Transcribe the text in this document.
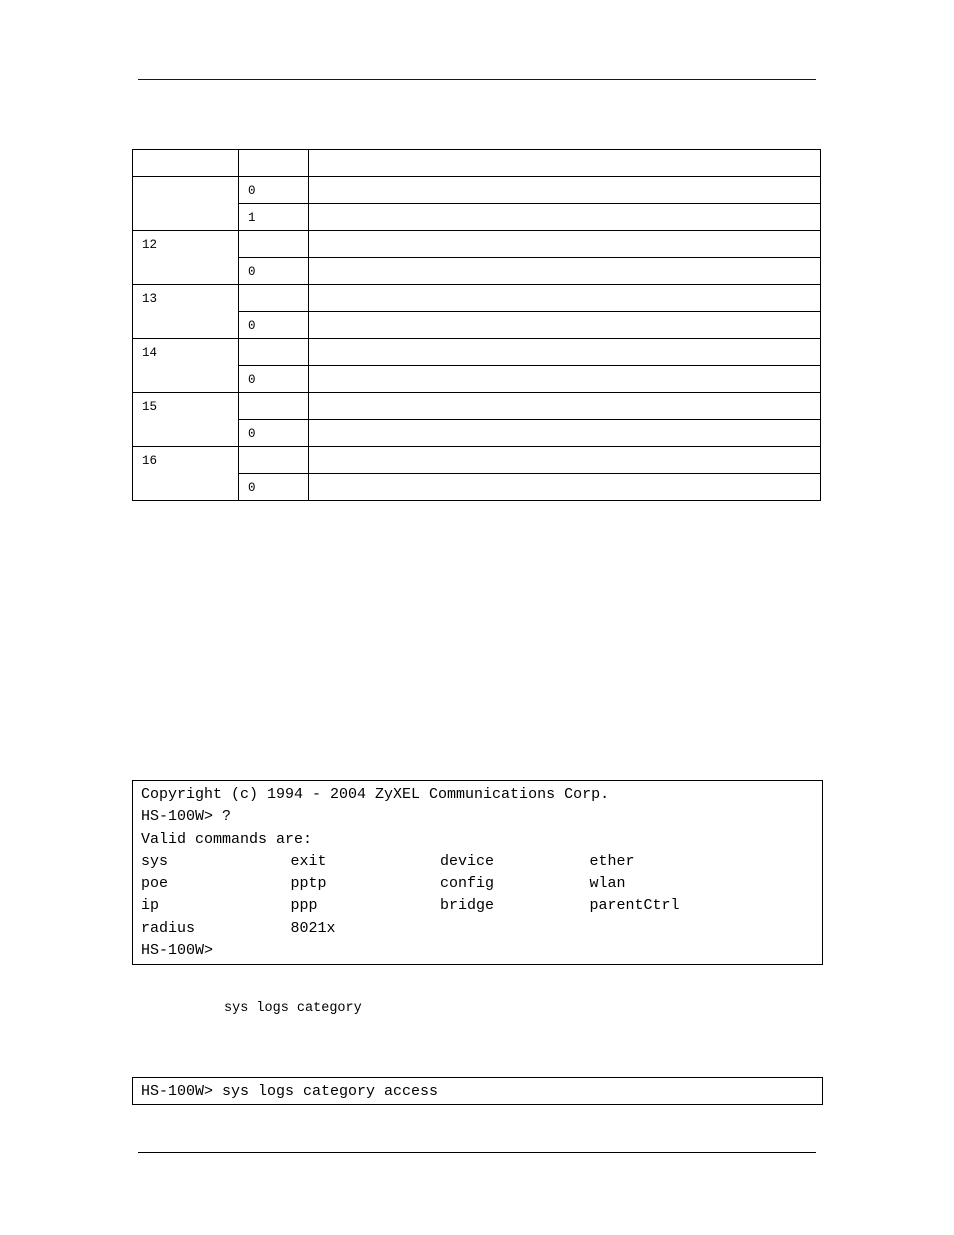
	0	
	1	
12		
	0	
13		
	0	
14		
	0	
15		
	0	
16		
	0	
Copyright (c) 1994 - 2004 ZyXEL Communications Corp.
HS-100W> ?
Valid commands are:
sys	exit	device	ether
poe	pptp	config	wlan
ip	ppp	bridge	parentCtrl
radius	8021x
HS-100W>
sys logs category
HS-100W> sys logs category access
